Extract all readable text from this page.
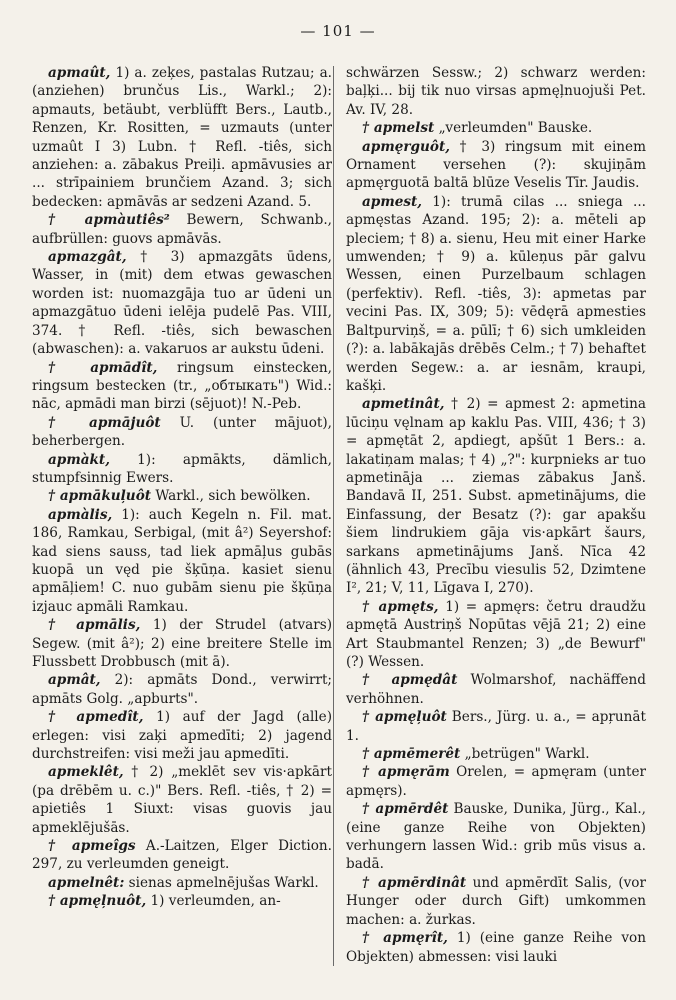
— 101 —

apmaût, 1) a. zeķes, pastalas Rutzau; a. (anziehen) brunčus Lis., Warkl.; 2): apmauts, betäubt, verblüfft Bers., Lautb., Renzen, Kr. Rositten, = uzmauts (unter uzmaût I 3) Lubn. † Refl. -tiês, sich anziehen: a. zābakus Preiļi. apmāvusies ar ... strīpainiem brunčiem Azand. 3; sich bedecken: apmāvās ar sedzeni Azand. 5.

† apmàutiês² Bewern, Schwanb., aufbrüllen: guovs apmāvās.

apmazgât, † 3) apmazgāts ūdens, Wasser, in (mit) dem etwas gewaschen worden ist: nuomazgāja tuo ar ūdeni un apmazgātuo ūdeni ielēja pudelē Pas. VIII, 374. † Refl. -tiês, sich bewaschen (abwaschen): a. vakaruos ar aukstu ūdeni.

† apmādît, ringsum einstecken, ringsum bestecken (tr., „обтыкать") Wid.: nāc, apmādi man birzi (sējuot)! N.-Peb.

† apmājuôt U. (unter mājuot), beherbergen.

apmàkt, 1): apmākts, dämlich, stumpfsinnig Ewers.

† apmākuļuôt Warkl., sich bewölken.

apmàlis, 1): auch Kegeln n. Fil. mat. 186, Ramkau, Serbigal, (mit â²) Seyershof: kad siens sauss, tad liek apmāļus gubās kuopā un vęd pie šķūņa. kasiet sienu apmāļiem! C. nuo gubām sienu pie šķūņa izjauc apmāli Ramkau.

† apmālis, 1) der Strudel (atvars) Segew. (mit â²); 2) eine breitere Stelle im Flussbett Drobbusch (mit ā).

apmât, 2): apmāts Dond., verwirrt; apmāts Golg. „apburts".

† apmedît, 1) auf der Jagd (alle) erlegen: visi zaķi apmedīti; 2) jagend durchstreifen: visi meži jau apmedīti.

apmeklêt, † 2) „meklēt sev vis·apkārt (pa drēbēm u. c.)" Bers. Refl. -tiês, † 2) = apietiês 1 Siuxt: visas guovis jau apmeklējušās.

† apmeîgs A.-Laitzen, Elger Diction. 297, zu verleumden geneigt.

apmelnêt: sienas apmelnējušas Warkl.

† apmęļnuôt, 1) verleumden, an-

schwärzen Sessw.; 2) schwarz werden: baļķi... bij tik nuo virsas apmęļnuojuši Pet. Av. IV, 28.

† apmelst „verleumden" Bauske.

apmęrguôt, † 3) ringsum mit einem Ornament versehen (?): skujiņām apmęrguotā baltā blūze Veselis Tīr. Jaudis.

apmest, 1): trumā cilas ... sniega ... apmęstas Azand. 195; 2): a. mēteli ap pleciem; † 8) a. sienu, Heu mit einer Harke umwenden; † 9) a. kūleņus pār galvu Wessen, einen Purzelbaum schlagen (perfektiv). Refl. -tiês, 3): apmetas par vecini Pas. IX, 309; 5): vēdęrā apmesties Baltpurviņš, = a. pūlī; † 6) sich umkleiden (?): a. labākajās drēbēs Celm.; † 7) behaftet werden Segew.: a. ar iesnām, kraupi, kašķi.

apmetinât, † 2) = apmest 2: apmetina lūciņu vęlnam ap kaklu Pas. VIII, 436; † 3) = apmętāt 2, apdiegt, apšūt 1 Bers.: a. lakatiņam malas; † 4) „?": kurpnieks ar tuo apmetināja ... ziemas zābakus Janš. Bandavā II, 251. Subst. apmetinājums, die Einfassung, der Besatz (?): gar apakšu šiem lindrukiem gāja vis·apkārt šaurs, sarkans apmetinājums Janš. Nīca 42 (ähnlich 43, Precību viesulis 52, Dzimtene I², 21; V, 11, Līgava I, 270).

† apmęts, 1) = apmęrs: četru draudžu apmętā Austriņš Nopūtas vējā 21; 2) eine Art Staubmantel Renzen; 3) „de Bewurf" (?) Wessen.

† apmędât Wolmarshof, nachäffend verhöhnen.

† apmęļuôt Bers., Jürg. u. a., = apŗunāt 1.

† apmēmerêt „betrügen" Warkl.

† apmęrām Orelen, = apmęram (unter apmęrs).

† apmērdêt Bauske, Dunika, Jürg., Kal., (eine ganze Reihe von Objekten) verhungern lassen Wid.: grib mūs visus a. badā.

† apmērdinât und apmērdīt Salis, (vor Hunger oder durch Gift) umkommen machen: a. žurkas.

† apmęrît, 1) (eine ganze Reihe von Objekten) abmessen: visi lauki
